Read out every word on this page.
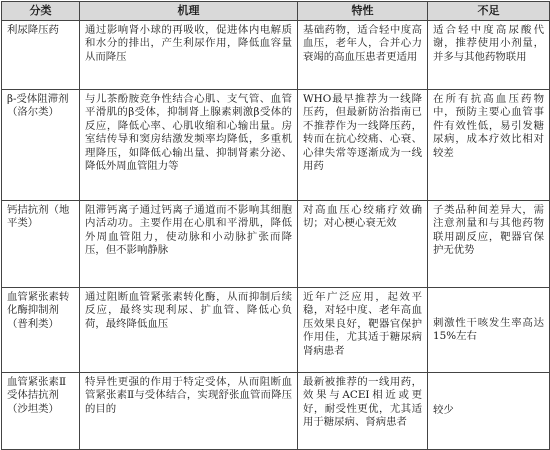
分类	机理	特性	不足
利尿降压药	通过影响肾小球的再吸收，促进体内电解质和水分的排出，产生利尿作用，降低血容量从而降压	基础药物，适合轻中度高血压，老年人，合并心力衰竭的高血压患者更适用	适合轻中度高尿酸代谢，推荐使用小剂量，并多与其他药物联用
β-受体阻滞剂（洛尔类）	与儿茶酚胺竞争性结合心肌、支气管、血管平滑肌的β受体，抑制肾上腺素刺激β受体的反应，降低心率、心肌收缩和心输出量。房室结传导和窦房结激发频率均降低，多重机理降压，如降低心输出量、抑制肾素分泌、降低外周血管阻力等	WHO最早推荐为一线降压药，但最新防治指南已不推荐作为一线降压药，转而在抗心绞痛、心衰、心律失常等逐渐成为一线用药	在所有抗高血压药物中，预防主要心血管事件有效性低，易引发糖尿病，成本疗效比相对较差
钙拮抗剂（地平类）	阻滞钙离子通过钙离子通道而不影响其细胞内活动功。主要作用在心肌和平滑肌，降低外周血管阻力，使动脉和小动脉扩张而降压，但不影响静脉	对高血压心绞痛疗效确切；对心梗心衰无效	子类品种间差异大，需注意剂量和与其他药物联用副反应，靶器官保护无优势
血管紧张素转化酶抑制剂（普利类）	通过阻断血管紧张素转化酶，从而抑制后续反应，最终实现利尿、扩血管、降低心负荷，最终降低血压	近年广泛应用，起效平稳，对轻中度、老年高血压效果良好，靶器官保护作用佳，尤其适于糖尿病肾病患者	刺激性干咳发生率高达15%左右
血管紧张素Ⅱ受体拮抗剂（沙坦类）	特异性更强的作用于特定受体，从而阻断血管紧张素Ⅱ与受体结合，实现舒张血管而降压的目的	最新被推荐的一线用药，效果与ACEI相近或更好，耐受性更优，尤其适用于糖尿病、肾病患者	较少
